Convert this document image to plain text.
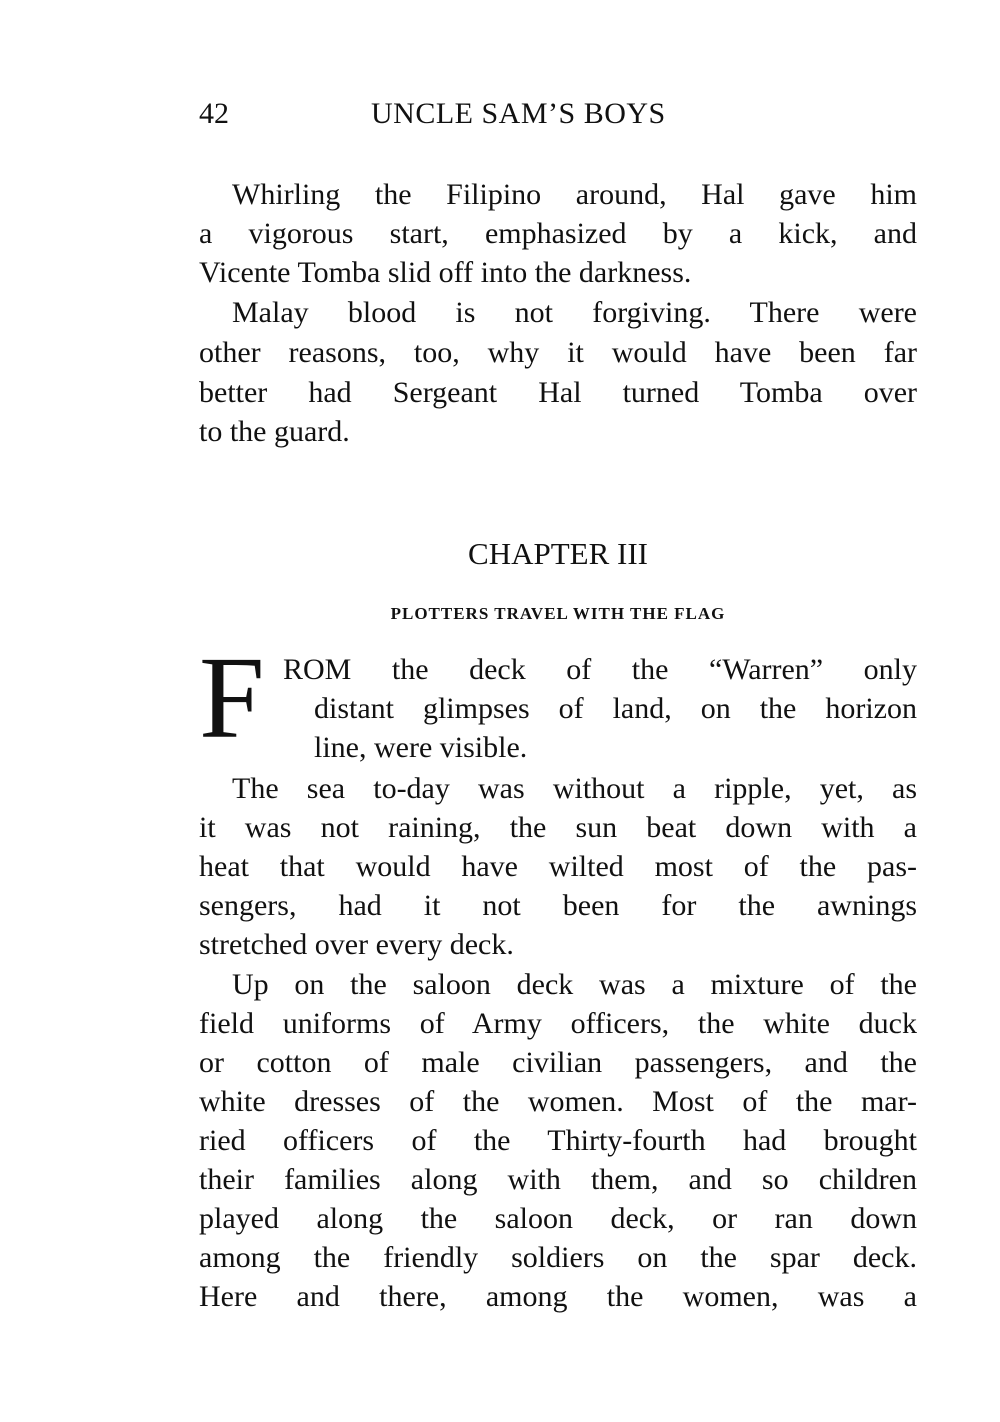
42	UNCLE SAM’S BOYS
Whirling the Filipino around, Hal gave him
a vigorous start, emphasized by a kick, and
Vicente Tomba slid off into the darkness.
Malay blood is not forgiving. There were
other reasons, too, why it would have been far
better had Sergeant Hal turned Tomba over
to the guard.
CHAPTER III
PLOTTERS TRAVEL WITH THE FLAG
F ROM the deck of the “Warren” only
distant glimpses of land, on the horizon
line, were visible.
The sea to-day was without a ripple, yet, as
it was not raining, the sun beat down with a
heat that would have wilted most of the pas-
sengers, had it not been for the awnings
stretched over every deck.
Up on the saloon deck was a mixture of the
field uniforms of Army officers, the white duck
or cotton of male civilian passengers, and the
white dresses of the women. Most of the mar-
ried officers of the Thirty-fourth had brought
their families along with them, and so children
played along the saloon deck, or ran down
among the friendly soldiers on the spar deck.
Here and there, among the women, was a
